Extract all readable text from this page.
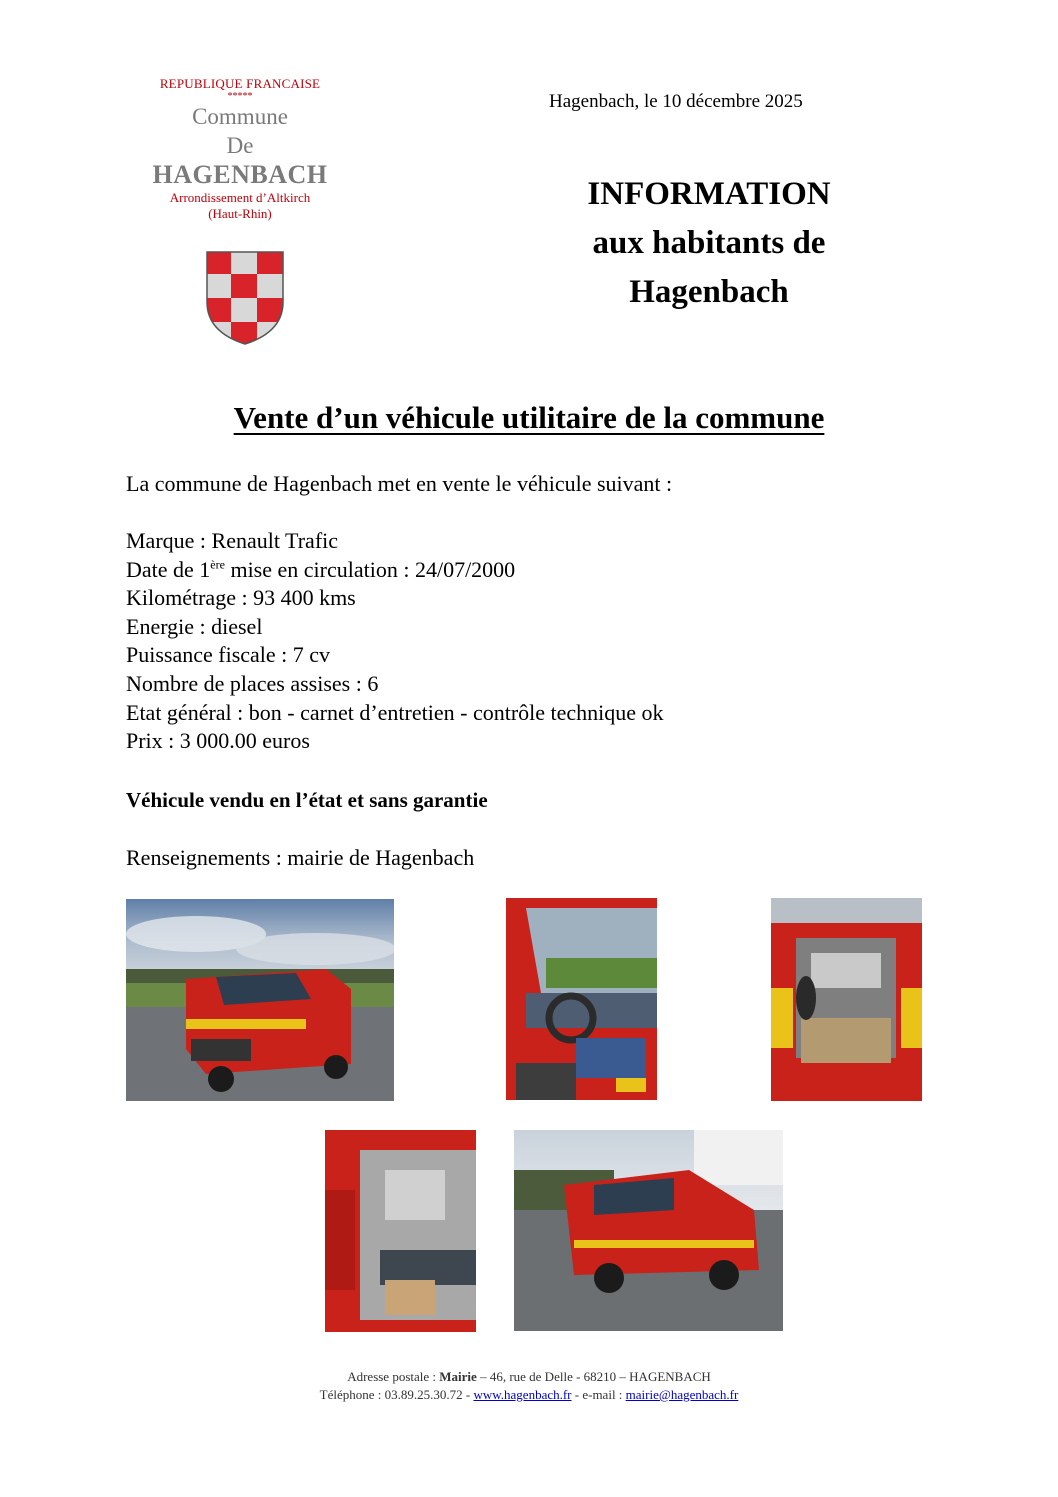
REPUBLIQUE FRANCAISE
*****
Commune
De
HAGENBACH
Arrondissement d’Altkirch
(Haut-Rhin)
Hagenbach, le 10 décembre 2025
INFORMATION
aux habitants de
Hagenbach
Vente d’un véhicule utilitaire de la commune
La commune de Hagenbach met en vente le véhicule suivant :
Marque : Renault Trafic
Date de 1ère mise en circulation : 24/07/2000
Kilométrage : 93 400 kms
Energie : diesel
Puissance fiscale : 7 cv
Nombre de places assises : 6
Etat général : bon - carnet d’entretien - contrôle technique ok
Prix : 3 000.00 euros
Véhicule vendu en l’état et sans garantie
Renseignements : mairie de Hagenbach
Adresse postale : Mairie – 46, rue de Delle - 68210 – HAGENBACH
Téléphone : 03.89.25.30.72 - www.hagenbach.fr - e-mail : mairie@hagenbach.fr
